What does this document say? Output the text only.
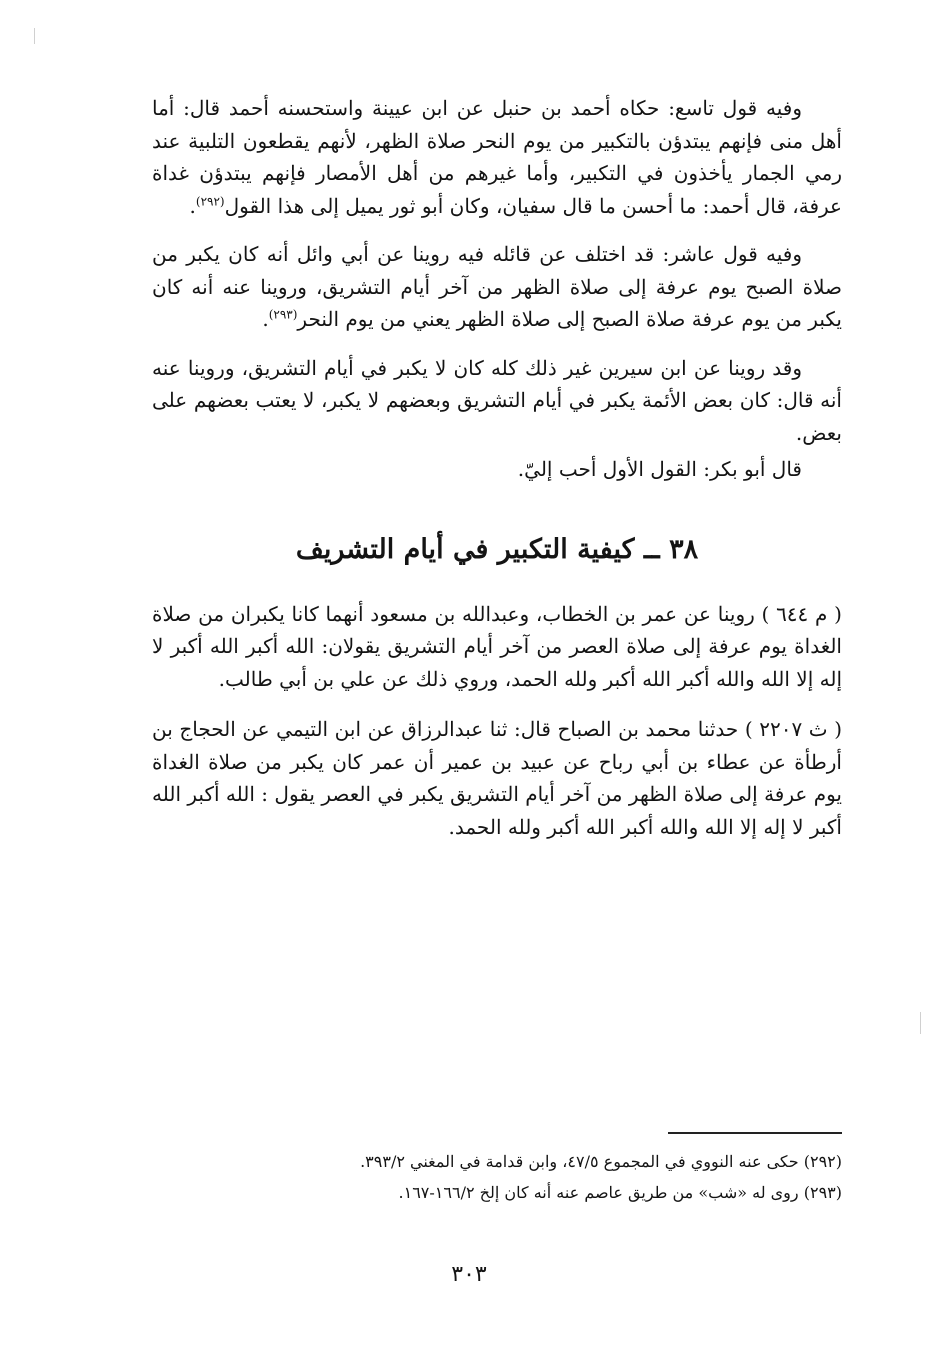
وفيه قول تاسع: حكاه أحمد بن حنبل عن ابن عيينة واستحسنه أحمد قال: أما أهل منى فإنهم يبتدؤن بالتكبير من يوم النحر صلاة الظهر، لأنهم يقطعون التلبية عند رمي الجمار يأخذون في التكبير، وأما غيرهم من أهل الأمصار فإنهم يبتدؤن غداة عرفة، قال أحمد: ما أحسن ما قال سفيان، وكان أبو ثور يميل إلى هذا القول$^{(٢٩٢)}$.

وفيه قول عاشر: قد اختلف عن قائله فيه روينا عن أبي وائل أنه كان يكبر من صلاة الصبح يوم عرفة إلى صلاة الظهر من آخر أيام التشريق، وروينا عنه أنه كان يكبر من يوم عرفة صلاة الصبح إلى صلاة الظهر يعني من يوم النحر$^{(٢٩٣)}$.

وقد روينا عن ابن سيرين غير ذلك كله كان لا يكبر في أيام التشريق، وروينا عنه أنه قال: كان بعض الأئمة يكبر في أيام التشريق وبعضهم لا يكبر، لا يعتب بعضهم على بعض.

قال أبو بكر: القول الأول أحب إليّ.

٣٨ ــ كيفية التكبير في أيام التشريف

( م ٦٤٤ ) روينا عن عمر بن الخطاب، وعبدالله بن مسعود أنهما كانا يكبران من صلاة الغداة يوم عرفة إلى صلاة العصر من آخر أيام التشريق يقولان: الله أكبر الله أكبر لا إله إلا الله والله أكبر الله أكبر ولله الحمد، وروي ذلك عن علي بن أبي طالب.

( ث ٢٢٠٧ ) حدثنا محمد بن الصباح قال: ثنا عبدالرزاق عن ابن التيمي عن الحجاج بن أرطأة عن عطاء بن أبي رباح عن عبيد بن عمير أن عمر كان يكبر من صلاة الغداة يوم عرفة إلى صلاة الظهر من آخر أيام التشريق يكبر في العصر يقول : الله أكبر الله أكبر لا إله إلا الله والله أكبر الله أكبر ولله الحمد.

(٢٩٢) حكى عنه النووي في المجموع ٤٧/٥، وابن قدامة في المغني ٣٩٣/٢.

(٢٩٣) روى له «شب» من طريق عاصم عنه أنه كان إلخ ١٦٦/٢-١٦٧.

٣٠٣
